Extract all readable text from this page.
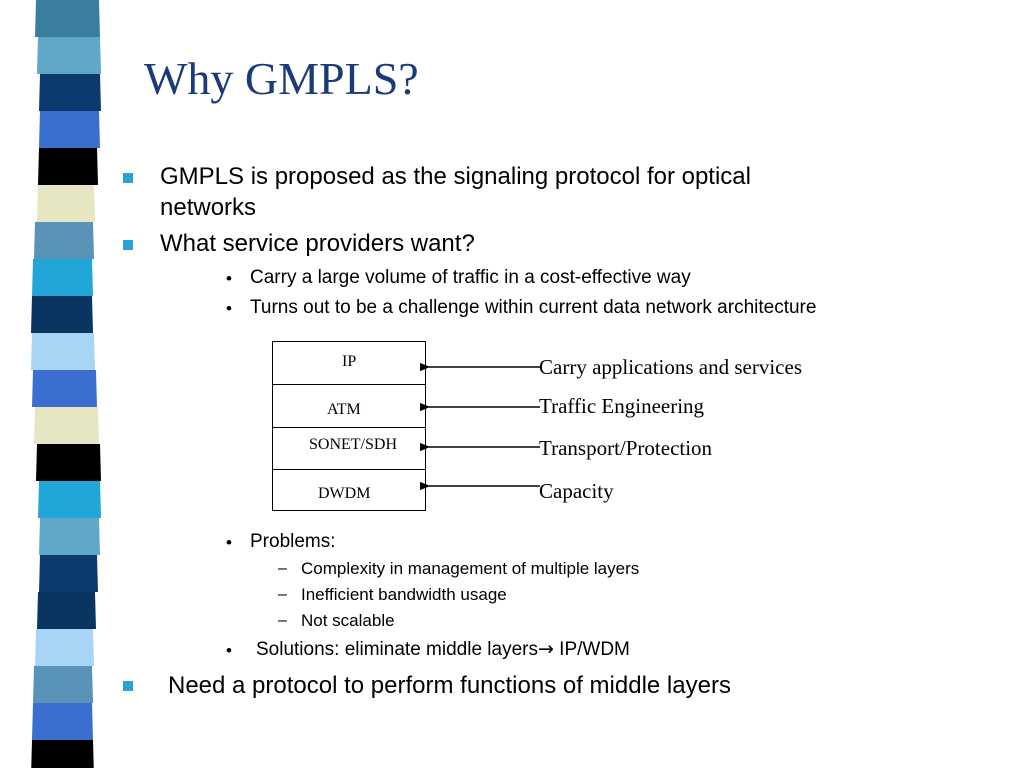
Why GMPLS?
GMPLS is proposed as the signaling protocol for optical
networks
What service providers want?
• Carry a large volume of traffic in a cost-effective way
• Turns out to be a challenge within current data network architecture
IP
ATM
SONET/SDH
DWDM
Carry applications and services
Traffic Engineering
Transport/Protection
Capacity
• Problems:
– Complexity in management of multiple layers
– Inefficient bandwidth usage
– Not scalable
• Solutions: eliminate middle layers→ IP/WDM
Need a protocol to perform functions of middle layers
